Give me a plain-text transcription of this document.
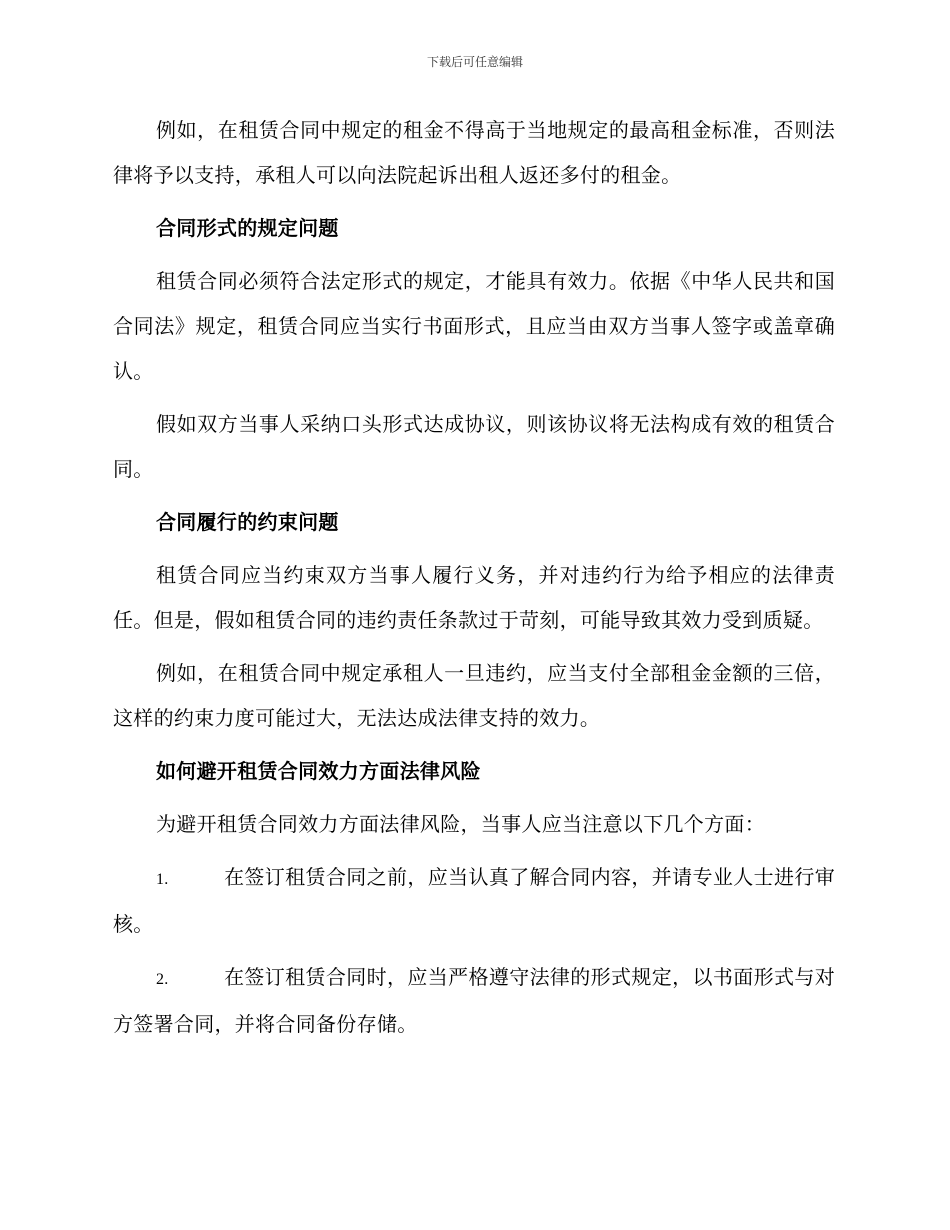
下载后可任意编辑

例如，在租赁合同中规定的租金不得高于当地规定的最高租金标准，否则法律将予以支持，承租人可以向法院起诉出租人返还多付的租金。

合同形式的规定问题

租赁合同必须符合法定形式的规定，才能具有效力。依据《中华人民共和国合同法》规定，租赁合同应当实行书面形式，且应当由双方当事人签字或盖章确认。

假如双方当事人采纳口头形式达成协议，则该协议将无法构成有效的租赁合同。

合同履行的约束问题

租赁合同应当约束双方当事人履行义务，并对违约行为给予相应的法律责任。但是，假如租赁合同的违约责任条款过于苛刻，可能导致其效力受到质疑。

例如，在租赁合同中规定承租人一旦违约，应当支付全部租金金额的三倍，这样的约束力度可能过大，无法达成法律支持的效力。

如何避开租赁合同效力方面法律风险

为避开租赁合同效力方面法律风险，当事人应当注意以下几个方面：

1.	在签订租赁合同之前，应当认真了解合同内容，并请专业人士进行审核。

2.	在签订租赁合同时，应当严格遵守法律的形式规定，以书面形式与对方签署合同，并将合同备份存储。
